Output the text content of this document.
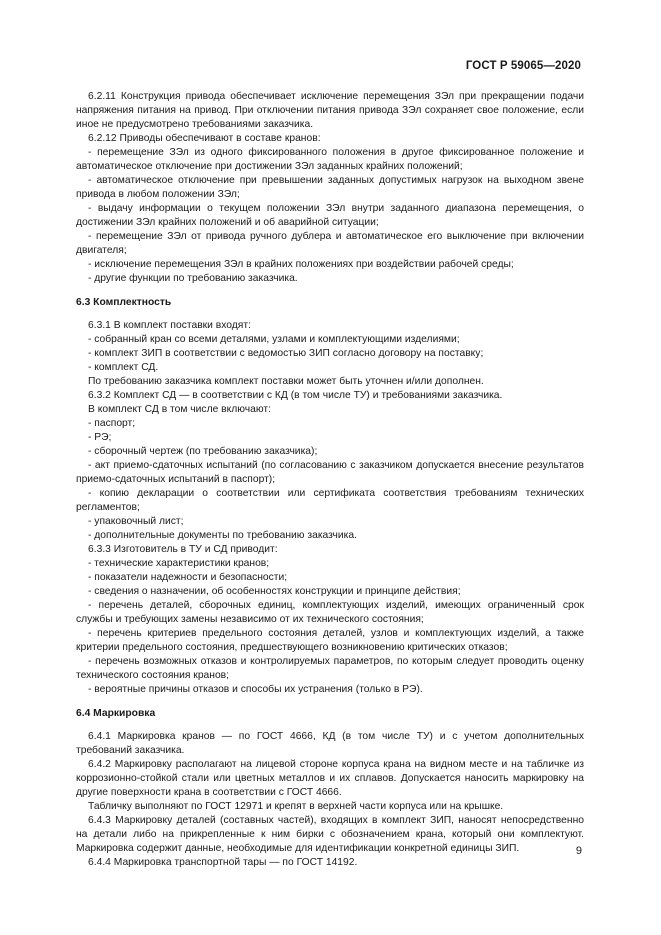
ГОСТ Р 59065—2020

6.2.11 Конструкция привода обеспечивает исключение перемещения ЗЭл при прекращении подачи напряжения питания на привод. При отключении питания привода ЗЭл сохраняет свое положение, если иное не предусмотрено требованиями заказчика.

6.2.12 Приводы обеспечивают в составе кранов:

- перемещение ЗЭл из одного фиксированного положения в другое фиксированное положение и автоматическое отключение при достижении ЗЭл заданных крайних положений;

- автоматическое отключение при превышении заданных допустимых нагрузок на выходном звене привода в любом положении ЗЭл;

- выдачу информации о текущем положении ЗЭл внутри заданного диапазона перемещения, о достижении ЗЭл крайних положений и об аварийной ситуации;

- перемещение ЗЭл от привода ручного дублера и автоматическое его выключение при включении двигателя;

- исключение перемещения ЗЭл в крайних положениях при воздействии рабочей среды;

- другие функции по требованию заказчика.

6.3 Комплектность

6.3.1 В комплект поставки входят:

- собранный кран со всеми деталями, узлами и комплектующими изделиями;

- комплект ЗИП в соответствии с ведомостью ЗИП согласно договору на поставку;

- комплект СД.

По требованию заказчика комплект поставки может быть уточнен и/или дополнен.

6.3.2 Комплект СД — в соответствии с КД (в том числе ТУ) и требованиями заказчика.

В комплект СД в том числе включают:

- паспорт;

- РЭ;

- сборочный чертеж (по требованию заказчика);

- акт приемо-сдаточных испытаний (по согласованию с заказчиком допускается внесение результатов приемо-сдаточных испытаний в паспорт);

- копию декларации о соответствии или сертификата соответствия требованиям технических регламентов;

- упаковочный лист;

- дополнительные документы по требованию заказчика.

6.3.3 Изготовитель в ТУ и СД приводит:

- технические характеристики кранов;

- показатели надежности и безопасности;

- сведения о назначении, об особенностях конструкции и принципе действия;

- перечень деталей, сборочных единиц, комплектующих изделий, имеющих ограниченный срок службы и требующих замены независимо от их технического состояния;

- перечень критериев предельного состояния деталей, узлов и комплектующих изделий, а также критерии предельного состояния, предшествующего возникновению критических отказов;

- перечень возможных отказов и контролируемых параметров, по которым следует проводить оценку технического состояния кранов;

- вероятные причины отказов и способы их устранения (только в РЭ).

6.4 Маркировка

6.4.1 Маркировка кранов — по ГОСТ 4666, КД (в том числе ТУ) и с учетом дополнительных требований заказчика.

6.4.2 Маркировку располагают на лицевой стороне корпуса крана на видном месте и на табличке из коррозионно-стойкой стали или цветных металлов и их сплавов. Допускается наносить маркировку на другие поверхности крана в соответствии с ГОСТ 4666.

Табличку выполняют по ГОСТ 12971 и крепят в верхней части корпуса или на крышке.

6.4.3 Маркировку деталей (составных частей), входящих в комплект ЗИП, наносят непосредственно на детали либо на прикрепленные к ним бирки с обозначением крана, который они комплектуют. Маркировка содержит данные, необходимые для идентификации конкретной единицы ЗИП.

6.4.4 Маркировка транспортной тары — по ГОСТ 14192.

9
